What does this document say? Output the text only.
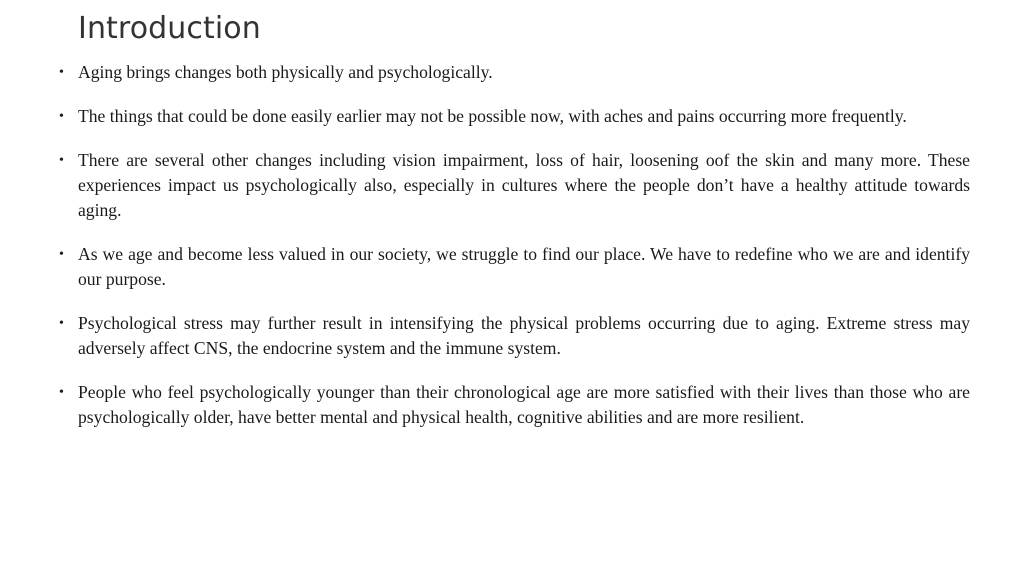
Introduction
• Aging brings changes both physically and psychologically.
• The things that could be done easily earlier may not be possible now, with aches and pains occurring more frequently.
• There are several other changes including vision impairment, loss of hair, loosening oof the skin and many more. These experiences impact us psychologically also, especially in cultures where the people don’t have a healthy attitude towards aging.
• As we age and become less valued in our society, we struggle to find our place. We have to redefine who we are and identify our purpose.
• Psychological stress may further result in intensifying the physical problems occurring due to aging. Extreme stress may adversely affect CNS, the endocrine system and the immune system.
• People who feel psychologically younger than their chronological age are more satisfied with their lives than those who are psychologically older, have better mental and physical health, cognitive abilities and are more resilient.
